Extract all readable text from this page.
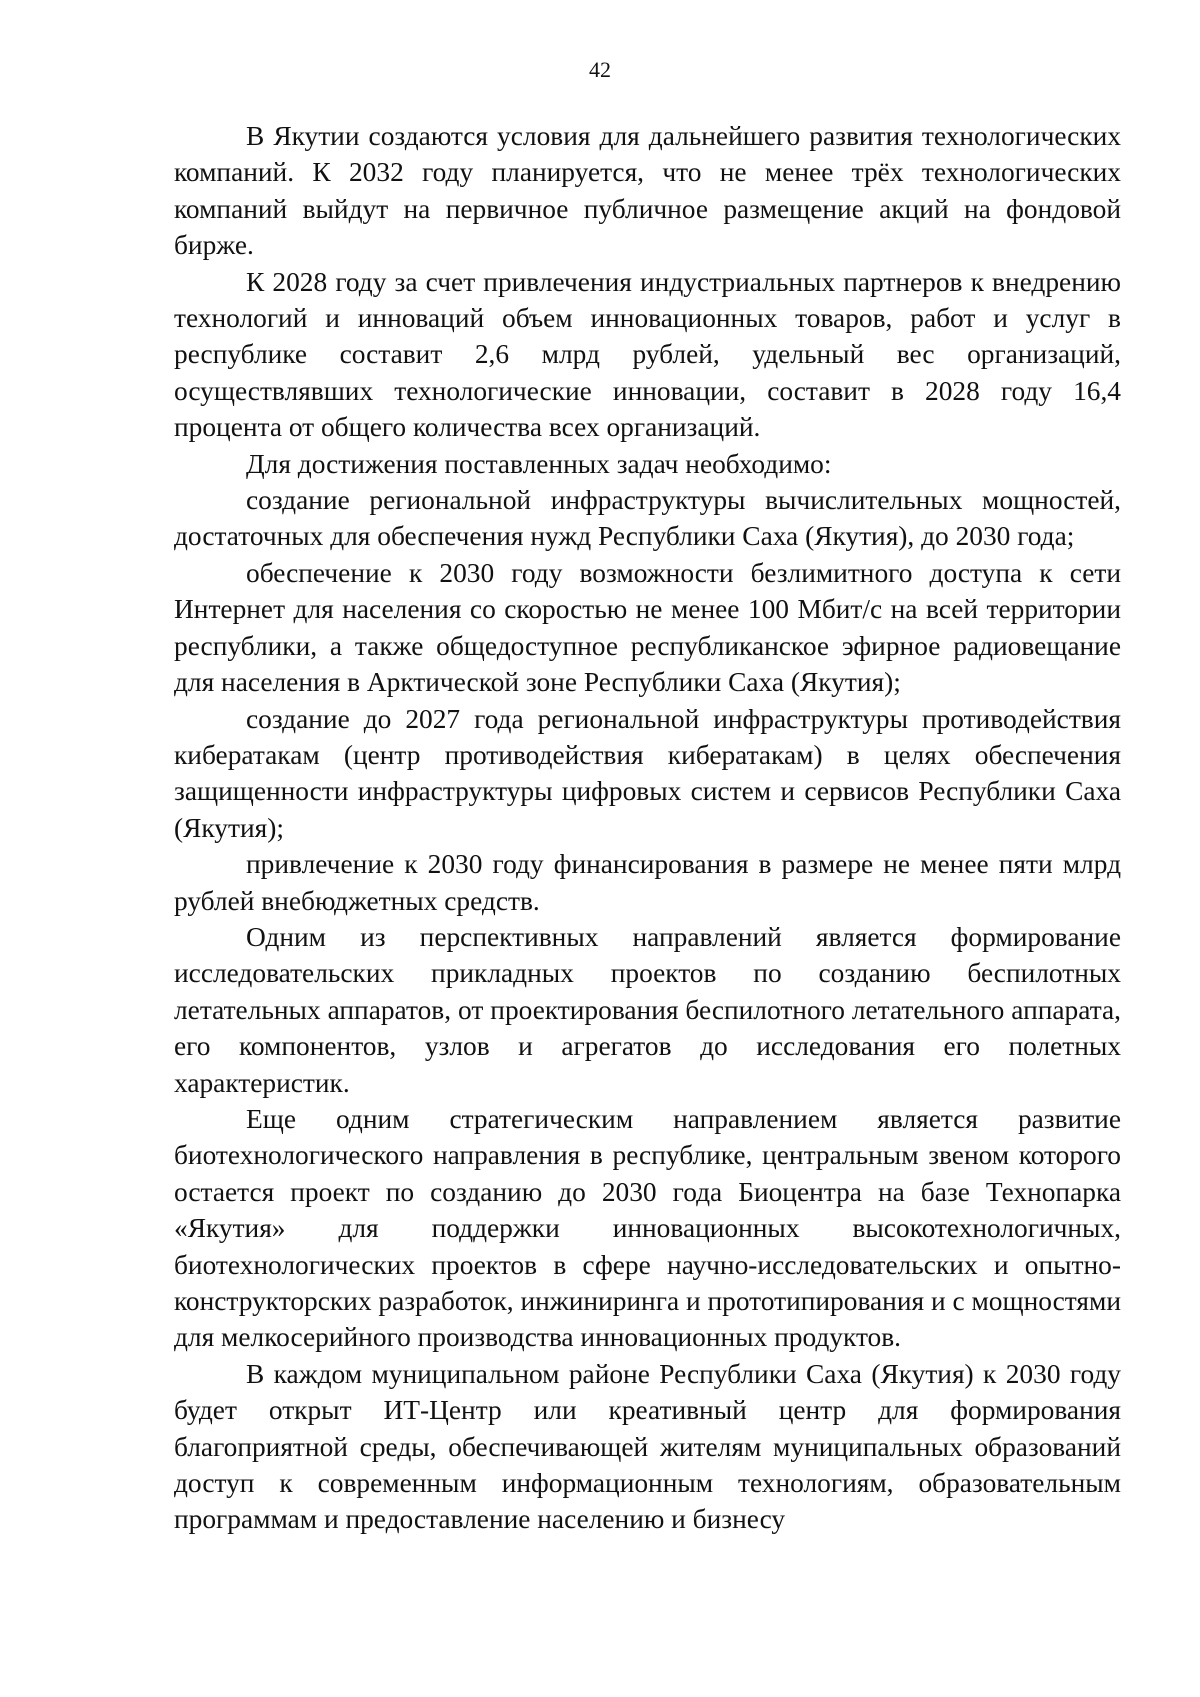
42

В Якутии создаются условия для дальнейшего развития технологических компаний. К 2032 году планируется, что не менее трёх технологических компаний выйдут на первичное публичное размещение акций на фондовой бирже.

К 2028 году за счет привлечения индустриальных партнеров к внедрению технологий и инноваций объем инновационных товаров, работ и услуг в республике составит 2,6 млрд рублей, удельный вес организаций, осуществлявших технологические инновации, составит в 2028 году 16,4 процента от общего количества всех организаций.

Для достижения поставленных задач необходимо:

создание региональной инфраструктуры вычислительных мощностей, достаточных для обеспечения нужд Республики Саха (Якутия), до 2030 года;

обеспечение к 2030 году возможности безлимитного доступа к сети Интернет для населения со скоростью не менее 100 Мбит/с на всей территории республики, а также общедоступное республиканское эфирное радиовещание для населения в Арктической зоне Республики Саха (Якутия);

создание до 2027 года региональной инфраструктуры противодействия кибератакам (центр противодействия кибератакам) в целях обеспечения защищенности инфраструктуры цифровых систем и сервисов Республики Саха (Якутия);

привлечение к 2030 году финансирования в размере не менее пяти млрд рублей внебюджетных средств.

Одним из перспективных направлений является формирование исследовательских прикладных проектов по созданию беспилотных летательных аппаратов, от проектирования беспилотного летательного аппарата, его компонентов, узлов и агрегатов до исследования его полетных характеристик.

Еще одним стратегическим направлением является развитие биотехнологического направления в республике, центральным звеном которого остается проект по созданию до 2030 года Биоцентра на базе Технопарка «Якутия» для поддержки инновационных высокотехнологичных, биотехнологических проектов в сфере научно-исследовательских и опытно-конструкторских разработок, инжиниринга и прототипирования и с мощностями для мелкосерийного производства инновационных продуктов.

В каждом муниципальном районе Республики Саха (Якутия) к 2030 году будет открыт ИТ-Центр или креативный центр для формирования благоприятной среды, обеспечивающей жителям муниципальных образований доступ к современным информационным технологиям, образовательным программам и предоставление населению и бизнесу
